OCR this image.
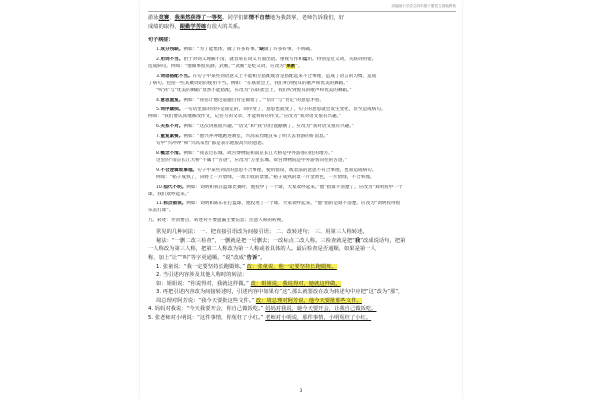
部编版小学语文四年级下册语文园地教案
游泳竞赛，我果然获得了一等奖。同学们都情不自禁地为我鼓掌，老师告诉我们，好
成绩的取得，跟勤学苦练有很大的关系。
句子病症：
1.成分残缺。例如：“为了能集体，做了许多好事。”缺做了许多好事、不明确。
2.用词不当。由于对词义理解不清，就容易在词义方面出错。重视写作和运用。特别是近义词，关联词用错。
选成病句。例如：“他做事很负静，武断。”“武断”是贬义词，应改为“果断”。
3.词语搭配不当。在句子中某些词语意义上不能相互搭配或者是搭配起来不合事理，造成了语言的习惯，造成
了病句。包括一些其聚词语的使用不当。例如：“在联欢会上，我们听到悦耳的歌声和优美的舞蹈。”
“听到”与“优美的舞蹈”显然不能搭配，应改为“在联欢会上，我们听到悦耳的歌声和优美的舞蹈。”
4.意思重复。例如：“我估计他这道题目肯定做错了。”“估计”与“肯定”的意思矛盾。
5.词序颠倒。一句话里面的词序是固定的，词序变了，意思也就变了，句子的意思就会发生变化，甚至造成病句。
例如：“我们要认真地修改作文，记住写的文章，才能将好的作文。”应改为“我对语文很有兴趣。”
6.关系不对。例如：“这次讲座很兴趣。”“语文”和“我”的位置颠倒了。应改为“我对语文很有兴趣。”
7.重复累赘。例如：“他兴冲冲地跑进教室，兴高采烈地宣布了明天去春游的好消息。”
句中“兴冲冲”和“兴高采烈”都是表示他很高兴的意思。
8.概念不清。例如：“我去过长城、故宫博物院和南京长江大桥是中外游客向往的地方。”
这里的“南京长江大桥”不属于“古迹”，应改为“万里长城、故宫博物院是中外游客向往的古迹。”
9.不合逻辑或事理。句子中某些词语的意思不合事理，使用错误，或者法的意思不符合事理，也易造成病句。
例如：“稻子成熟了，田野上一片碧绿，一派丰收的景象。”稻子成熟的景一片金黄色，一片碧绿，不合事理。
10.指代不明。例如：刘明和我在篮球比赛时，他投中了一个球，大家欢呼起来。”他”指谁不清楚了。应改为“刘明投中一个
球，我们欢呼起来。”
11.标点错误。例如：刘明和陈东在打篮球，他投进了一个球，大家欢呼起来。“他”指的是谁不清楚。应改为“刘明投得很
乐去打球”。
九、转述：弄清要点，转述对不要遗漏主要信息；注意人称的转换。
常见的几种问法： 一、把直接引语改为间接引语； 二、改转述句； 三、用第三人称转述。
秘法：“一删二改三检查”，一删就是把一号删去；一改标点二改人称。三检查就是把“我”改成说话句，把第
一人称改为第三人称，把第二人称改为第一人称或者具体的人。最后检查是否通顺，如果是第一人
称，加上“让”“叫”等字更通顺。“说”改成“告诉”。
1. 张童说：“我一定要坚持长跑锻炼。” 改：张童说，他一定要坚持长跑锻炼。
2. 当引述内容涉及其他人称时的转法：
如：姐姐说：“你说得对，我就这样做。” 改：姐姐说，我说得对，她就这样做。
3. 再把引述内容改为间接转述时，引述内容中如果有“这”,那么就要改在改为转述句中应把“这”改为“那”，
周总理对阿芳说：“我今天要批这些文件。” 改：周总理对阿芳说，他今天要批那些文件。
4. 妈妈对我说：“今天我要开会，你自己做饭吃。” 妈妈对我说，她今天要开会，让我自己做饭吃。
5. 张老师对小明说：“这件事情，你冤枉了小红。” 老师对小明说，那件事情，小明冤枉了小红。
3
